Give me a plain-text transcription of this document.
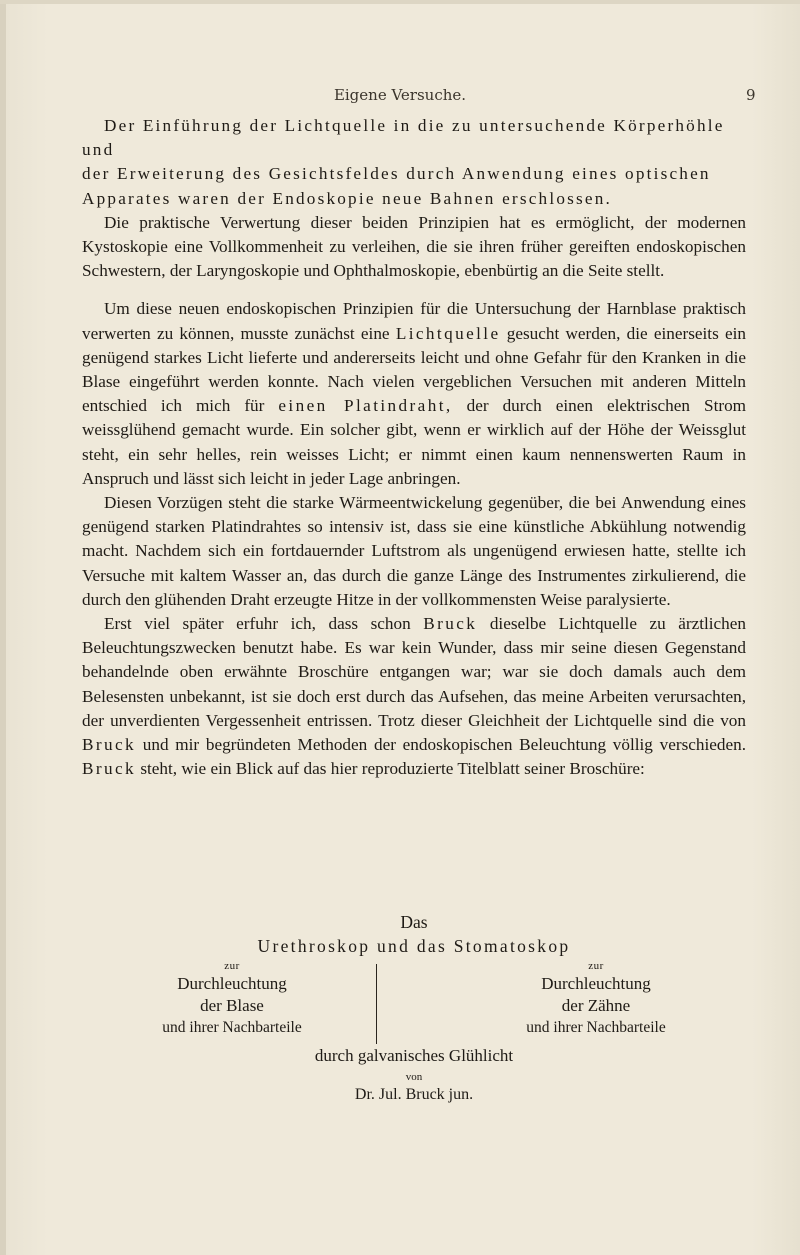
Eigene Versuche.	9

Der Einführung der Lichtquelle in die zu untersuchende Körperhöhle und

der Erweiterung des Gesichtsfeldes durch Anwendung eines optischen Apparates waren der Endoskopie neue Bahnen erschlossen.

Die praktische Verwertung dieser beiden Prinzipien hat es ermöglicht, der modernen Kystoskopie eine Vollkommenheit zu verleihen, die sie ihren früher gereiften endoskopischen Schwestern, der Laryngoskopie und Ophthalmoskopie, ebenbürtig an die Seite stellt.

Um diese neuen endoskopischen Prinzipien für die Untersuchung der Harnblase praktisch verwerten zu können, musste zunächst eine Lichtquelle gesucht werden, die einerseits ein genügend starkes Licht lieferte und andererseits leicht und ohne Gefahr für den Kranken in die Blase eingeführt werden konnte. Nach vielen vergeblichen Versuchen mit anderen Mitteln entschied ich mich für einen Platindraht, der durch einen elektrischen Strom weissglühend gemacht wurde. Ein solcher gibt, wenn er wirklich auf der Höhe der Weissglut steht, ein sehr helles, rein weisses Licht; er nimmt einen kaum nennenswerten Raum in Anspruch und lässt sich leicht in jeder Lage anbringen.

Diesen Vorzügen steht die starke Wärmeentwickelung gegenüber, die bei Anwendung eines genügend starken Platindrahtes so intensiv ist, dass sie eine künstliche Abkühlung notwendig macht. Nachdem sich ein fortdauernder Luftstrom als ungenügend erwiesen hatte, stellte ich Versuche mit kaltem Wasser an, das durch die ganze Länge des Instrumentes zirkulierend, die durch den glühenden Draht erzeugte Hitze in der vollkommensten Weise paralysierte.

Erst viel später erfuhr ich, dass schon Bruck dieselbe Lichtquelle zu ärztlichen Beleuchtungszwecken benutzt habe. Es war kein Wunder, dass mir seine diesen Gegenstand behandelnde oben erwähnte Broschüre entgangen war; war sie doch damals auch dem Belesensten unbekannt, ist sie doch erst durch das Aufsehen, das meine Arbeiten verursachten, der unverdienten Vergessenheit entrissen. Trotz dieser Gleichheit der Lichtquelle sind die von Bruck und mir begründeten Methoden der endoskopischen Beleuchtung völlig verschieden. Bruck steht, wie ein Blick auf das hier reproduzierte Titelblatt seiner Broschüre:

Das
Urethroskop und das Stomatoskop
zur
Durchleuchtung
der Blase
und ihrer Nachbarteile
zur
Durchleuchtung
der Zähne
und ihrer Nachbarteile
durch galvanisches Glühlicht
von
Dr. Jul. Bruck jun.
